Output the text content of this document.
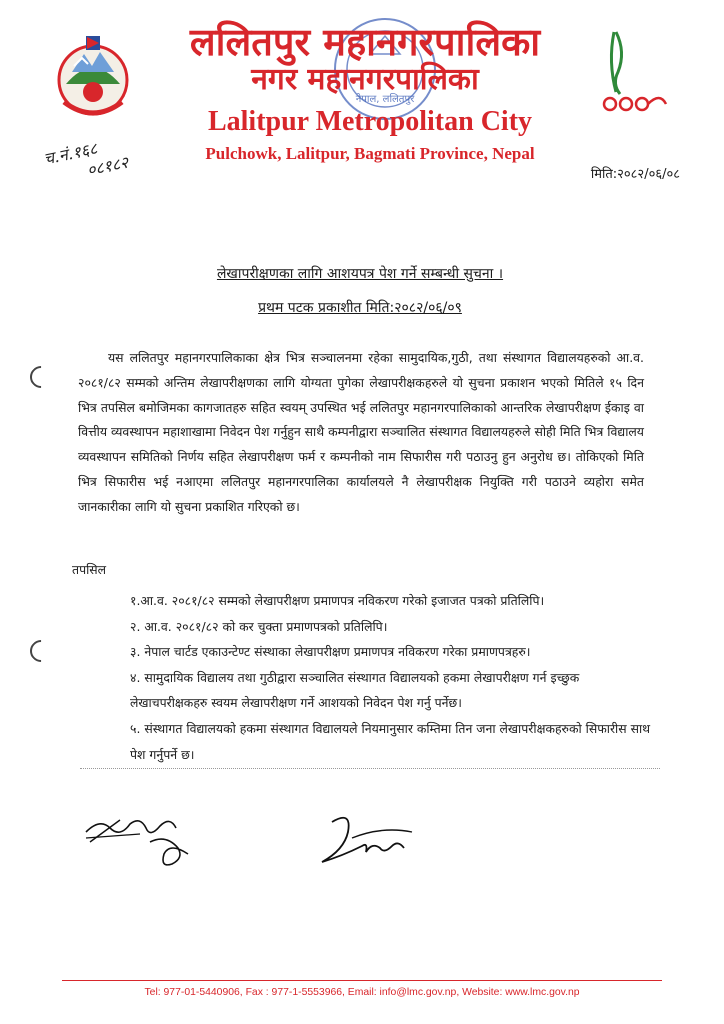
नेपाल, ललितपुर
ललितपुर महानगरपालिका
नगर महानगरपालिका
Lalitpur Metropolitan City
Pulchowk, Lalitpur, Bagmati Province, Nepal
मिति:२०८२/०६/०८
च.नं.१६८
०८१८२
लेखापरीक्षणका लागि आशयपत्र पेश गर्ने सम्बन्धी सुचना ।
प्रथम पटक प्रकाशीत मिति:२०८२/०६/०९
यस ललितपुर महानगरपालिकाका क्षेत्र भित्र सञ्चालनमा रहेका सामुदायिक,गुठी, तथा संस्थागत विद्यालयहरुको आ.व. २०८१/८२ सम्मको अन्तिम लेखापरीक्षणका लागि योग्यता पुगेका लेखापरीक्षकहरुले यो सुचना प्रकाशन भएको मितिले १५ दिन भित्र तपसिल बमोजिमका कागजातहरु सहित स्वयम् उपस्थित भई ललितपुर महानगरपालिकाको आन्तरिक लेखापरीक्षण ईकाइ वा वित्तीय व्यवस्थापन महाशाखामा निवेदन पेश गर्नुहुन साथै कम्पनीद्वारा सञ्चालित संस्थागत विद्यालयहरुले सोही मिति भित्र विद्यालय व्यवस्थापन समितिको निर्णय सहित लेखापरीक्षण फर्म र कम्पनीको नाम सिफारीस गरी पठाउनु हुन अनुरोध छ। तोकिएको मिति भित्र सिफारीस भई नआएमा ललितपुर महानगरपालिका कार्यालयले नै लेखापरीक्षक नियुक्ति गरी पठाउने व्यहोरा समेत जानकारीका लागि यो सुचना प्रकाशित गरिएको छ।
तपसिल
१.आ.व. २०८१/८२ सम्मको लेखापरीक्षण प्रमाणपत्र नविकरण गरेको इजाजत पत्रको प्रतिलिपि।
२. आ.व. २०८१/८२ को कर चुक्ता प्रमाणपत्रको प्रतिलिपि।
३. नेपाल चार्टड एकाउन्टेण्ट संस्थाका लेखापरीक्षण प्रमाणपत्र नविकरण गरेका प्रमाणपत्रहरु।
४. सामुदायिक विद्यालय तथा गुठीद्वारा सञ्चालित संस्थागत विद्यालयको हकमा लेखापरीक्षण गर्न इच्छुक लेखाचपरीक्षकहरु स्वयम लेखापरीक्षण गर्ने आशयको निवेदन पेश गर्नु पर्नेछ।
५. संस्थागत विद्यालयको हकमा संस्थागत विद्यालयले नियमानुसार कम्तिमा तिन जना लेखापरीक्षकहरुको सिफारीस साथ पेश गर्नुपर्ने छ।
Tel: 977-01-5440906, Fax : 977-1-5553966, Email: info@lmc.gov.np, Website: www.lmc.gov.np
